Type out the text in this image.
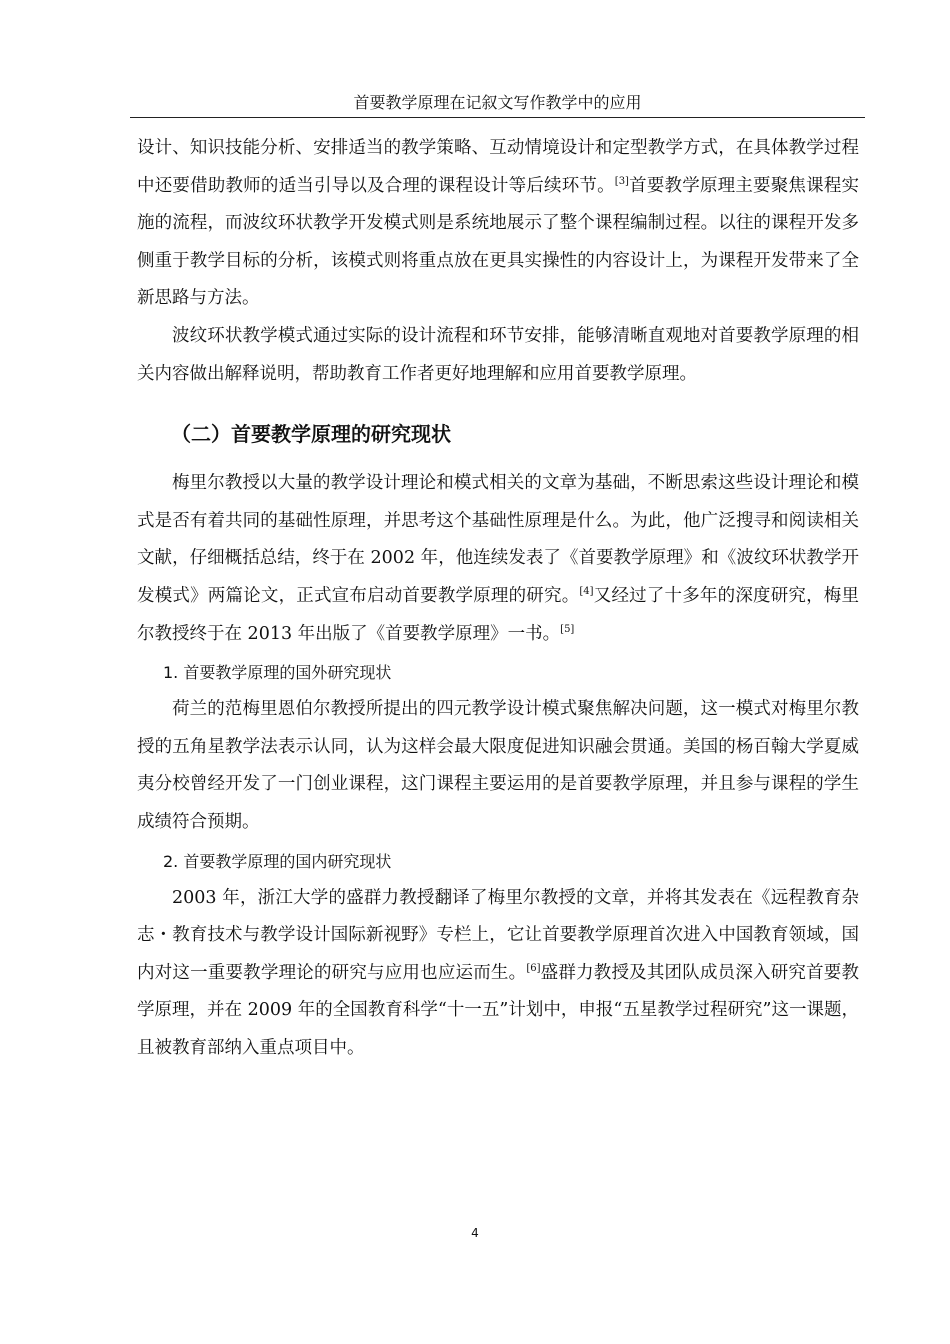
首要教学原理在记叙文写作教学中的应用

设计、知识技能分析、安排适当的教学策略、互动情境设计和定型教学方式，在具体教学过程中还要借助教师的适当引导以及合理的课程设计等后续环节。[3]首要教学原理主要聚焦课程实施的流程，而波纹环状教学开发模式则是系统地展示了整个课程编制过程。以往的课程开发多侧重于教学目标的分析，该模式则将重点放在更具实操性的内容设计上，为课程开发带来了全新思路与方法。

波纹环状教学模式通过实际的设计流程和环节安排，能够清晰直观地对首要教学原理的相关内容做出解释说明，帮助教育工作者更好地理解和应用首要教学原理。

（二）首要教学原理的研究现状

梅里尔教授以大量的教学设计理论和模式相关的文章为基础，不断思索这些设计理论和模式是否有着共同的基础性原理，并思考这个基础性原理是什么。为此，他广泛搜寻和阅读相关文献，仔细概括总结，终于在 2002 年，他连续发表了《首要教学原理》和《波纹环状教学开发模式》两篇论文，正式宣布启动首要教学原理的研究。[4]又经过了十多年的深度研究，梅里尔教授终于在 2013 年出版了《首要教学原理》一书。[5]

1. 首要教学原理的国外研究现状

荷兰的范梅里恩伯尔教授所提出的四元教学设计模式聚焦解决问题，这一模式对梅里尔教授的五角星教学法表示认同，认为这样会最大限度促进知识融会贯通。美国的杨百翰大学夏威夷分校曾经开发了一门创业课程，这门课程主要运用的是首要教学原理，并且参与课程的学生成绩符合预期。

2. 首要教学原理的国内研究现状

2003 年，浙江大学的盛群力教授翻译了梅里尔教授的文章，并将其发表在《远程教育杂志・教育技术与教学设计国际新视野》专栏上，它让首要教学原理首次进入中国教育领域，国内对这一重要教学理论的研究与应用也应运而生。[6]盛群力教授及其团队成员深入研究首要教学原理，并在 2009 年的全国教育科学“十一五”计划中，申报“五星教学过程研究”这一课题，且被教育部纳入重点项目中。

4
